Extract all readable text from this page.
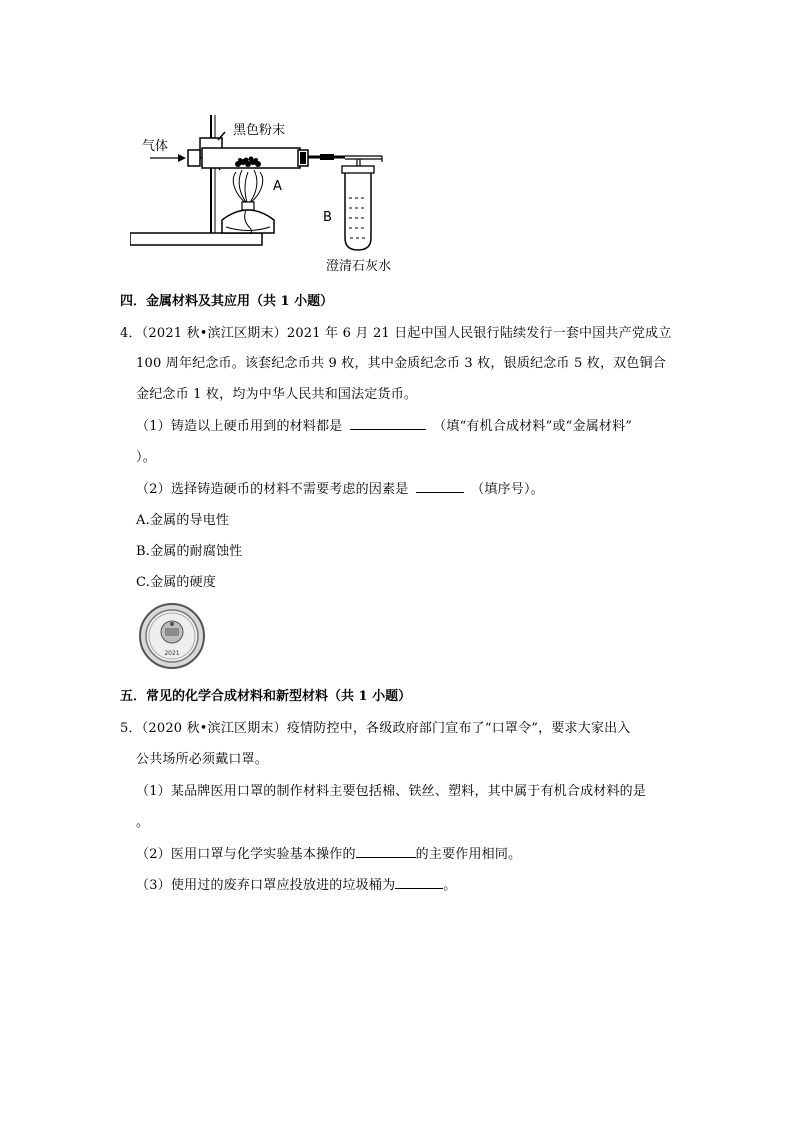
气体
黑色粉末
A
B
澄清石灰水
四．金属材料及其应用（共 1 小题）
4．（2021 秋•滨江区期末）2021 年 6 月 21 日起中国人民银行陆续发行一套中国共产党成立
100 周年纪念币。该套纪念币共 9 枚，其中金质纪念币 3 枚，银质纪念币 5 枚，双色铜合
金纪念币 1 枚，均为中华人民共和国法定货币。
（1）铸造以上硬币用到的材料都是	（填“有机合成材料”或“金属材料”
）。
（2）选择铸造硬币的材料不需要考虑的因素是	（填序号）。
A.金属的导电性
B.金属的耐腐蚀性
C.金属的硬度
2021
五．常见的化学合成材料和新型材料（共 1 小题）
5．（2020 秋•滨江区期末）疫情防控中，各级政府部门宣布了“口罩令”，要求大家出入
公共场所必须戴口罩。
（1）某品牌医用口罩的制作材料主要包括棉、铁丝、塑料，其中属于有机合成材料的是
。
（2）医用口罩与化学实验基本操作的	的主要作用相同。
（3）使用过的废弃口罩应投放进的垃圾桶为	。
